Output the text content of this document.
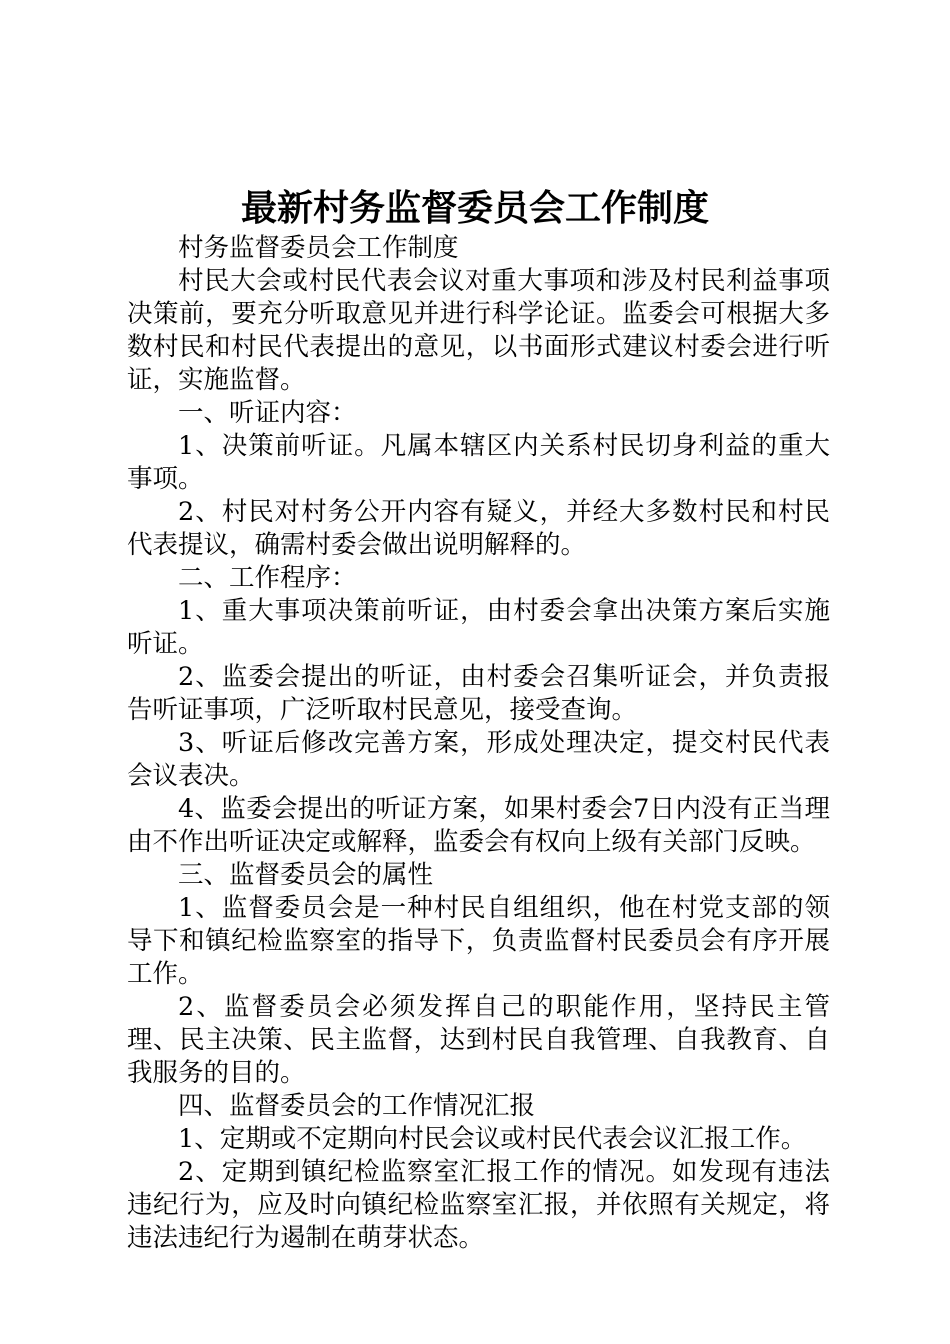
最新村务监督委员会工作制度

村务监督委员会工作制度

村民大会或村民代表会议对重大事项和涉及村民利益事项决策前，要充分听取意见并进行科学论证。监委会可根据大多数村民和村民代表提出的意见，以书面形式建议村委会进行听证，实施监督。

一、听证内容：

1、决策前听证。凡属本辖区内关系村民切身利益的重大事项。

2、村民对村务公开内容有疑义，并经大多数村民和村民代表提议，确需村委会做出说明解释的。

二、工作程序：

1、重大事项决策前听证，由村委会拿出决策方案后实施听证。

2、监委会提出的听证，由村委会召集听证会，并负责报告听证事项，广泛听取村民意见，接受查询。

3、听证后修改完善方案，形成处理决定，提交村民代表会议表决。

4、监委会提出的听证方案，如果村委会7日内没有正当理由不作出听证决定或解释，监委会有权向上级有关部门反映。

三、监督委员会的属性

1、监督委员会是一种村民自组组织，他在村党支部的领导下和镇纪检监察室的指导下，负责监督村民委员会有序开展工作。

2、监督委员会必须发挥自己的职能作用，坚持民主管理、民主决策、民主监督，达到村民自我管理、自我教育、自我服务的目的。

四、监督委员会的工作情况汇报

1、定期或不定期向村民会议或村民代表会议汇报工作。

2、定期到镇纪检监察室汇报工作的情况。如发现有违法违纪行为，应及时向镇纪检监察室汇报，并依照有关规定，将违法违纪行为遏制在萌芽状态。
